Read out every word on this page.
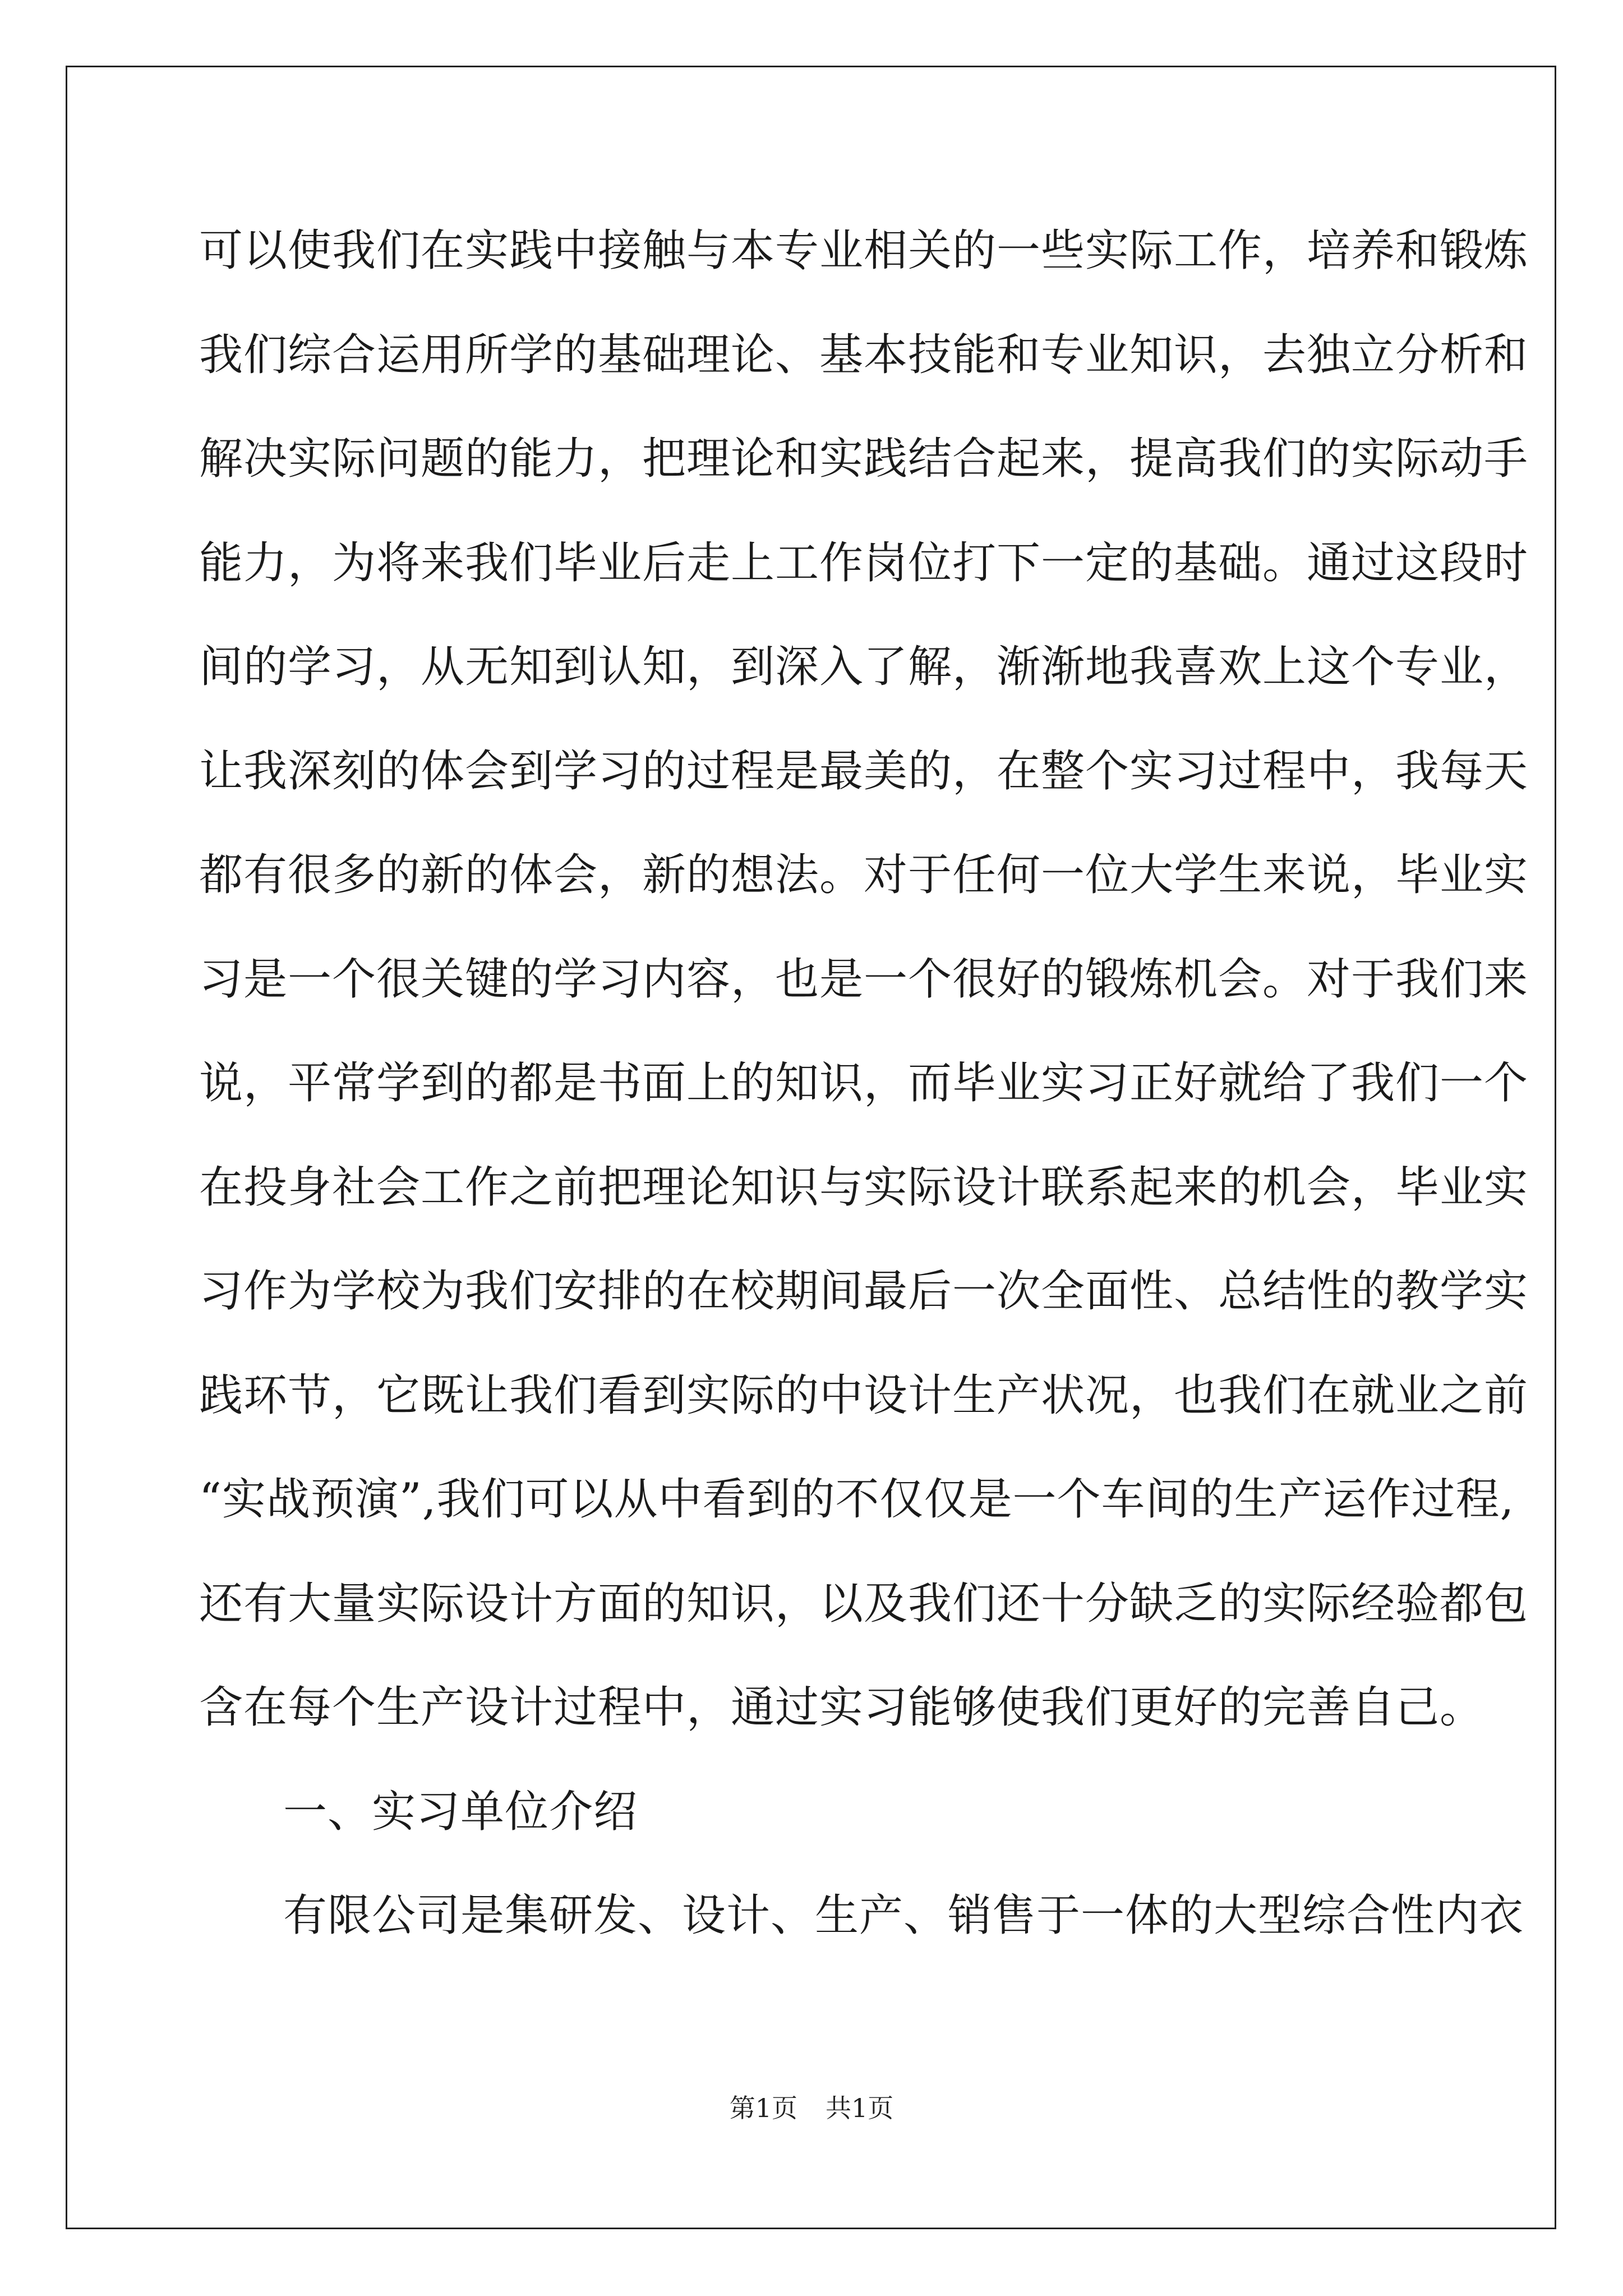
可以使我们在实践中接触与本专业相关的一些实际工作，培养和锻炼
我们综合运用所学的基础理论、基本技能和专业知识，去独立分析和
解决实际问题的能力，把理论和实践结合起来，提高我们的实际动手
能力，为将来我们毕业后走上工作岗位打下一定的基础。通过这段时
间的学习，从无知到认知，到深入了解，渐渐地我喜欢上这个专业，
让我深刻的体会到学习的过程是最美的，在整个实习过程中，我每天
都有很多的新的体会，新的想法。对于任何一位大学生来说，毕业实
习是一个很关键的学习内容，也是一个很好的锻炼机会。对于我们来
说，平常学到的都是书面上的知识，而毕业实习正好就给了我们一个
在投身社会工作之前把理论知识与实际设计联系起来的机会，毕业实
习作为学校为我们安排的在校期间最后一次全面性、总结性的教学实
践环节，它既让我们看到实际的中设计生产状况，也我们在就业之前
“实战预演”,我们可以从中看到的不仅仅是一个车间的生产运作过程,
还有大量实际设计方面的知识，以及我们还十分缺乏的实际经验都包
含在每个生产设计过程中，通过实习能够使我们更好的完善自己。
一、实习单位介绍
有限公司是集研发、设计、生产、销售于一体的大型综合性内衣
第1页 共1页
